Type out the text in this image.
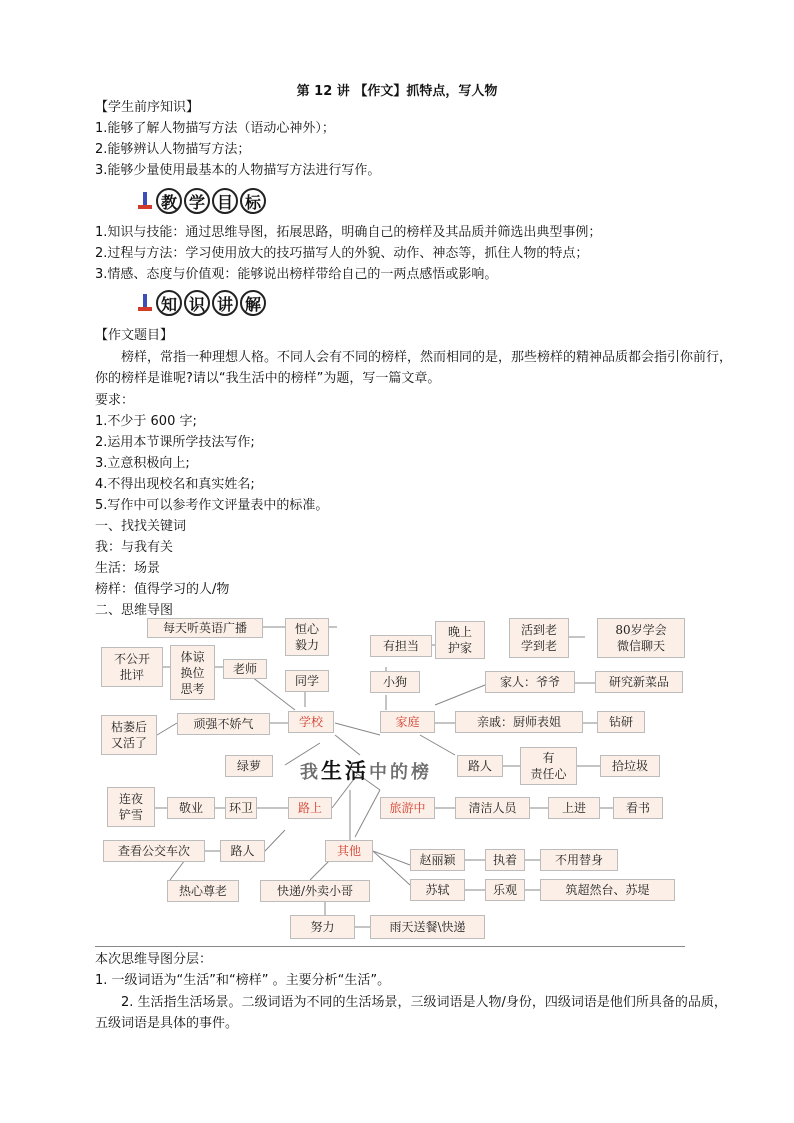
第 12 讲 【作文】抓特点，写人物
【学生前序知识】
1.能够了解人物描写方法（语动心神外）；
2.能够辨认人物描写方法；
3.能够少量使用最基本的人物描写方法进行写作。
教 学 目 标
1.知识与技能：通过思维导图，拓展思路，明确自己的榜样及其品质并筛选出典型事例；
2.过程与方法：学习使用放大的技巧描写人的外貌、动作、神态等，抓住人物的特点；
3.情感、态度与价值观：能够说出榜样带给自己的一两点感悟或影响。
知 识 讲 解
【作文题目】
榜样，常指一种理想人格。不同人会有不同的榜样，然而相同的是，那些榜样的精神品质都会指引你前行，你的榜样是谁呢?请以“我生活中的榜样”为题，写一篇文章。
要求：
1.不少于 600 字;
2.运用本节课所学技法写作;
3.立意积极向上;
4.不得出现校名和真实姓名;
5.写作中可以参考作文评量表中的标准。
一、找找关键词
我：与我有关
生活：场景
榜样：值得学习的人/物
二、思维导图
我生活中的榜
每天听英语广播	恒心
毅力	有担当
晚上
护家
活到老
学到老
80岁学会
微信聊天
不公开
批评
体谅
换位
思考
老师
同学	小狗	家人：爷爷	研究新菜品
枯萎后
又活了
顽强不娇气	学校	家庭	亲戚：厨师表姐	钻研
绿萝	路人
有
责任心
拾垃圾
连夜
铲雪	敬业	环卫	路上	旅游中	清洁人员	上进	看书
查看公交车次	路人	其他
赵丽颖	执着	不用替身
热心尊老	快递/外卖小哥	苏轼	乐观	筑超然台、苏堤
努力	雨天送餐\快递
本次思维导图分层：
1. 一级词语为“生活”和“榜样” 。主要分析“生活”。
2. 生活指生活场景。二级词语为不同的生活场景，三级词语是人物/身份，四级词语是他们所具备的品质，五级词语是具体的事件。
